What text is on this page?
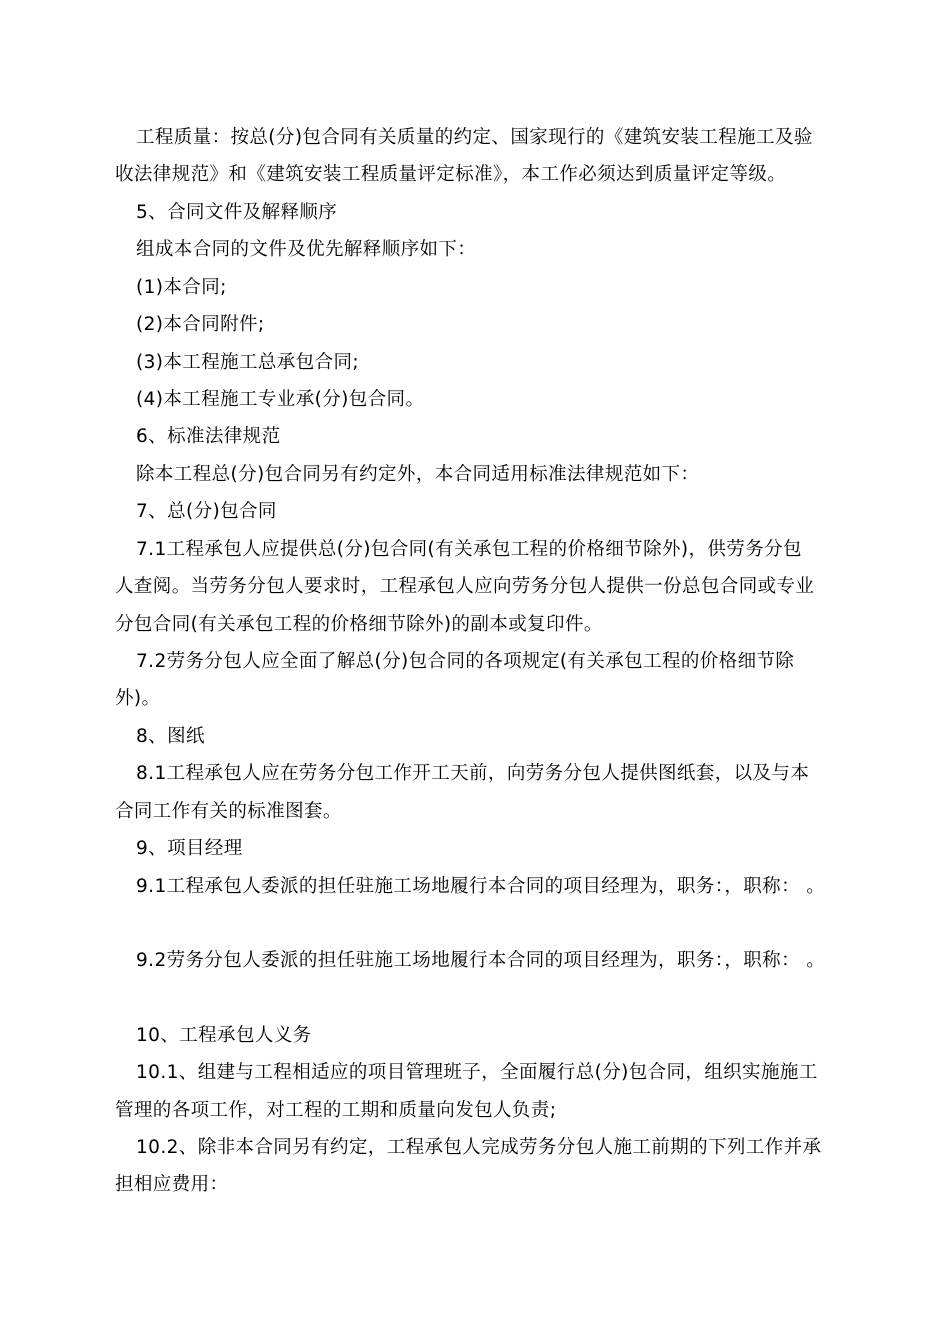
工程质量：按总(分)包合同有关质量的约定、国家现行的《建筑安装工程施工及验
收法律规范》和《建筑安装工程质量评定标准》，本工作必须达到质量评定等级。
5、合同文件及解释顺序
组成本合同的文件及优先解释顺序如下：
(1)本合同;
(2)本合同附件;
(3)本工程施工总承包合同;
(4)本工程施工专业承(分)包合同。
6、标准法律规范
除本工程总(分)包合同另有约定外，本合同适用标准法律规范如下：
7、总(分)包合同
7.1工程承包人应提供总(分)包合同(有关承包工程的价格细节除外)，供劳务分包
人查阅。当劳务分包人要求时，工程承包人应向劳务分包人提供一份总包合同或专业
分包合同(有关承包工程的价格细节除外)的副本或复印件。
7.2劳务分包人应全面了解总(分)包合同的各项规定(有关承包工程的价格细节除
外)。
8、图纸
8.1工程承包人应在劳务分包工作开工天前，向劳务分包人提供图纸套，以及与本
合同工作有关的标准图套。
9、项目经理
9.1工程承包人委派的担任驻施工场地履行本合同的项目经理为，职务：，职称： 。
9.2劳务分包人委派的担任驻施工场地履行本合同的项目经理为，职务：，职称： 。
10、工程承包人义务
10.1、组建与工程相适应的项目管理班子，全面履行总(分)包合同，组织实施施工
管理的各项工作，对工程的工期和质量向发包人负责;
10.2、除非本合同另有约定，工程承包人完成劳务分包人施工前期的下列工作并承
担相应费用：
